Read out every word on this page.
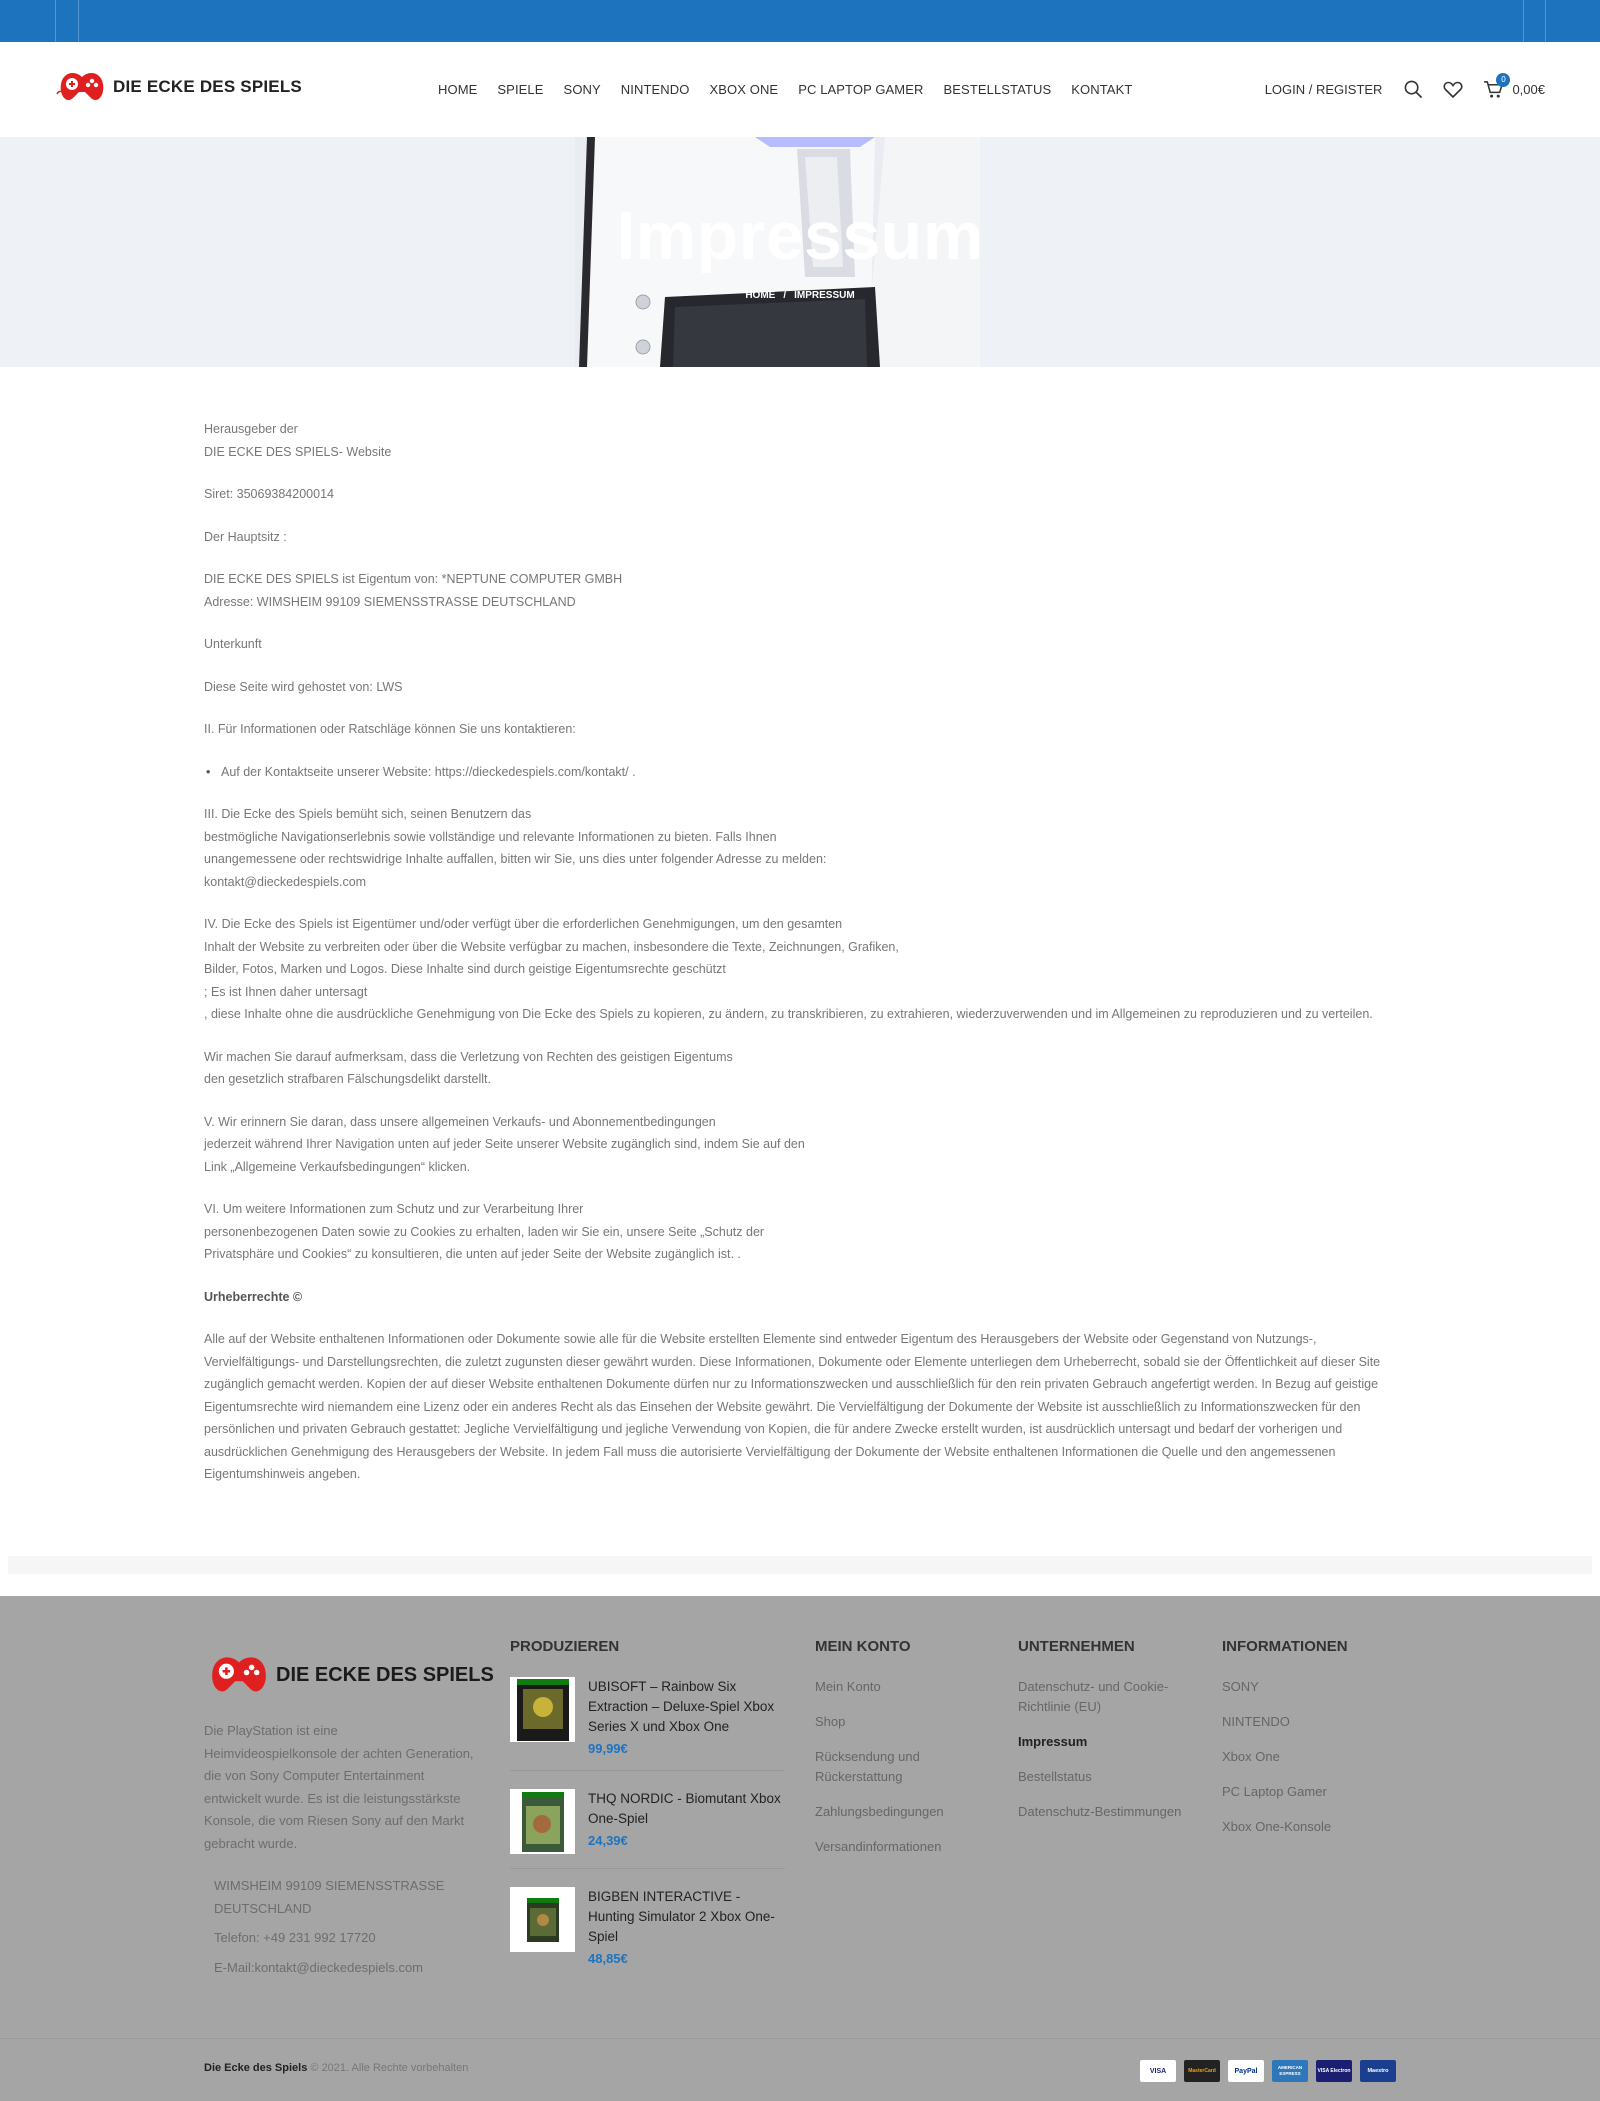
DIE ECKE DES SPIELS	HOME SPIELE SONY NINTENDO XBOX ONE PC LAPTOP GAMER BESTELLSTATUS KONTAKT	LOGIN / REGISTER
0
0,00€
Impressum
HOME / IMPRESSUM

Herausgeber der
DIE ECKE DES SPIELS- Website

Siret: 35069384200014

Der Hauptsitz :

DIE ECKE DES SPIELS ist Eigentum von: *NEPTUNE COMPUTER GMBH
Adresse: WIMSHEIM 99109 SIEMENSSTRASSE DEUTSCHLAND

Unterkunft

Diese Seite wird gehostet von: LWS

II. Für Informationen oder Ratschläge können Sie uns kontaktieren:

• Auf der Kontaktseite unserer Website: https://dieckedespiels.com/kontakt/ .

III. Die Ecke des Spiels bemüht sich, seinen Benutzern das
bestmögliche Navigationserlebnis sowie vollständige und relevante Informationen zu bieten. Falls Ihnen
unangemessene oder rechtswidrige Inhalte auffallen, bitten wir Sie, uns dies unter folgender Adresse zu melden:
kontakt@dieckedespiels.com

IV. Die Ecke des Spiels ist Eigentümer und/oder verfügt über die erforderlichen Genehmigungen, um den gesamten
Inhalt der Website zu verbreiten oder über die Website verfügbar zu machen, insbesondere die Texte, Zeichnungen, Grafiken,
Bilder, Fotos, Marken und Logos. Diese Inhalte sind durch geistige Eigentumsrechte geschützt
; Es ist Ihnen daher untersagt
, diese Inhalte ohne die ausdrückliche Genehmigung von Die Ecke des Spiels zu kopieren, zu ändern, zu transkribieren, zu extrahieren, wiederzuverwenden und im Allgemeinen zu reproduzieren und zu verteilen.

Wir machen Sie darauf aufmerksam, dass die Verletzung von Rechten des geistigen Eigentums
den gesetzlich strafbaren Fälschungsdelikt darstellt.

V. Wir erinnern Sie daran, dass unsere allgemeinen Verkaufs- und Abonnementbedingungen
jederzeit während Ihrer Navigation unten auf jeder Seite unserer Website zugänglich sind, indem Sie auf den
Link „Allgemeine Verkaufsbedingungen“ klicken.

VI. Um weitere Informationen zum Schutz und zur Verarbeitung Ihrer
personenbezogenen Daten sowie zu Cookies zu erhalten, laden wir Sie ein, unsere Seite „Schutz der
Privatsphäre und Cookies“ zu konsultieren, die unten auf jeder Seite der Website zugänglich ist. .

Urheberrechte ©

Alle auf der Website enthaltenen Informationen oder Dokumente sowie alle für die Website erstellten Elemente sind entweder Eigentum des Herausgebers der Website oder Gegenstand von Nutzungs-, Vervielfältigungs- und Darstellungsrechten, die zuletzt zugunsten dieser gewährt wurden. Diese Informationen, Dokumente oder Elemente unterliegen dem Urheberrecht, sobald sie der Öffentlichkeit auf dieser Site zugänglich gemacht werden. Kopien der auf dieser Website enthaltenen Dokumente dürfen nur zu Informationszwecken und ausschließlich für den rein privaten Gebrauch angefertigt werden. In Bezug auf geistige Eigentumsrechte wird niemandem eine Lizenz oder ein anderes Recht als das Einsehen der Website gewährt. Die Vervielfältigung der Dokumente der Website ist ausschließlich zu Informationszwecken für den persönlichen und privaten Gebrauch gestattet: Jegliche Vervielfältigung und jegliche Verwendung von Kopien, die für andere Zwecke erstellt wurden, ist ausdrücklich untersagt und bedarf der vorherigen und ausdrücklichen Genehmigung des Herausgebers der Website. In jedem Fall muss die autorisierte Vervielfältigung der Dokumente der Website enthaltenen Informationen die Quelle und den angemessenen Eigentumshinweis angeben.

DIE ECKE DES SPIELS
Die PlayStation ist eine Heimvideospielkonsole der achten Generation, die von Sony Computer Entertainment entwickelt wurde. Es ist die leistungsstärkste Konsole, die vom Riesen Sony auf den Markt gebracht wurde.
WIMSHEIM 99109 SIEMENSSTRASSE DEUTSCHLAND
Telefon: +49 231 992 17720
E-Mail:kontakt@dieckedespiels.com
PRODUZIEREN
UBISOFT – Rainbow Six Extraction – Deluxe-Spiel Xbox Series X und Xbox One
99,99€
THQ NORDIC - Biomutant Xbox One-Spiel
24,39€
BIGBEN INTERACTIVE - Hunting Simulator 2 Xbox One-Spiel
48,85€
MEIN KONTO
Mein Konto
Shop
Rücksendung und Rückerstattung
Zahlungsbedingungen
Versandinformationen
UNTERNEHMEN
Datenschutz- und Cookie-Richtlinie (EU)
Impressum
Bestellstatus
Datenschutz-Bestimmungen
INFORMATIONEN
SONY
NINTENDO
Xbox One
PC Laptop Gamer
Xbox One-Konsole
Die Ecke des Spiels © 2021. Alle Rechte vorbehalten	VISA	MasterCard	PayPal	AMERICAN EXPRESS	VISA Electron	Maestro
